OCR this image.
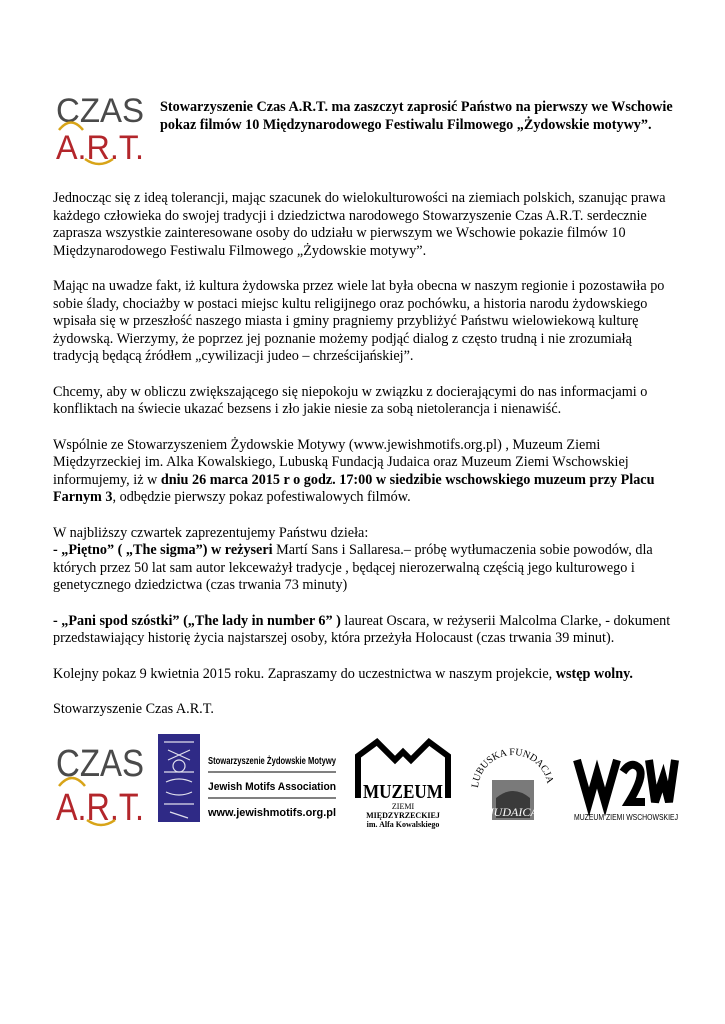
CZAS
A.R.T.
Stowarzyszenie Czas A.R.T. ma zaszczyt zaprosić Państwo na pierwszy we Wschowie pokaz filmów 10 Międzynarodowego Festiwalu Filmowego „Żydowskie motywy”.

Jednocząc się z ideą tolerancji, mając szacunek do wielokulturowości na ziemiach polskich, szanując prawa każdego człowieka do swojej tradycji i dziedzictwa narodowego Stowarzyszenie Czas A.R.T. serdecznie zaprasza wszystkie zainteresowane osoby do udziału w pierwszym we Wschowie pokazie filmów 10 Międzynarodowego Festiwalu Filmowego „Żydowskie motywy”.

Mając na uwadze fakt, iż kultura żydowska przez wiele lat była obecna w naszym regionie i pozostawiła po sobie ślady, chociażby w postaci miejsc kultu religijnego oraz pochówku, a historia narodu żydowskiego wpisała się w przeszłość naszego miasta i gminy pragniemy przybliżyć Państwu wielowiekową kulturę żydowską. Wierzymy, że poprzez jej poznanie możemy podjąć dialog z często trudną i nie zrozumiałą tradycją będącą źródłem „cywilizacji judeo – chrześcijańskiej”.

Chcemy, aby w obliczu zwiększającego się niepokoju w związku z docierającymi do nas informacjami o konfliktach na świecie ukazać bezsens i zło jakie niesie za sobą nietolerancja i nienawiść.

Wspólnie ze Stowarzyszeniem Żydowskie Motywy (www.jewishmotifs.org.pl) , Muzeum Ziemi Międzyrzeckiej im. Alka Kowalskiego, Lubuską Fundacją Judaica oraz Muzeum Ziemi Wschowskiej informujemy, iż w dniu 26 marca 2015 r o godz. 17:00 w siedzibie wschowskiego muzeum przy Placu Farnym 3, odbędzie pierwszy pokaz pofestiwalowych filmów.

W najbliższy czwartek zaprezentujemy Państwu dzieła:
- „Piętno” ( „The sigma”) w reżyseri Martí Sans i Sallaresa.– próbę wytłumaczenia sobie powodów, dla których przez 50 lat sam autor lekceważył tradycje , będącej nierozerwalną częścią jego kulturowego i genetycznego dziedzictwa (czas trwania 73 minuty)

- „Pani spod szóstki” („The lady in number 6” ) laureat Oscara, w reżyserii Malcolma Clarke, - dokument przedstawiający historię życia najstarszej osoby, która przeżyła Holocaust (czas trwania 39 minut).

Kolejny pokaz 9 kwietnia 2015 roku. Zapraszamy do uczestnictwa w naszym projekcie, wstęp wolny.

Stowarzyszenie Czas A.R.T.

CZAS
A.R.T.
Stowarzyszenie Żydowskie Motywy
Jewish Motifs Association
www.jewishmotifs.org.pl
MUZEUM
ZIEMI
MIĘDZYRZECKIEJ
im. Alfa Kowalskiego
LUBUSKA FUNDACJA
JUDAICA	MUZEUM ZIEMI WSCHOWSKIEJ
